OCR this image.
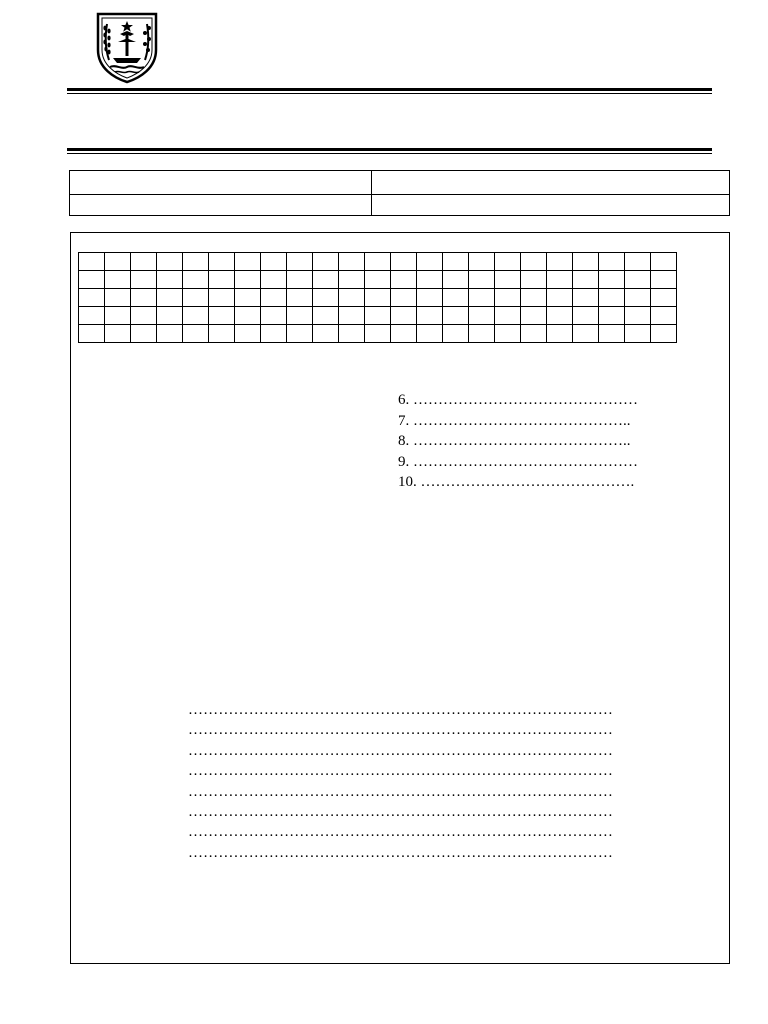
6. ………………………………………
7. ……………………………………..
8. ……………………………………..
9. ………………………………………
10. …………………………………….
…………………………………………………………………………
…………………………………………………………………………
…………………………………………………………………………
…………………………………………………………………………
…………………………………………………………………………
…………………………………………………………………………
…………………………………………………………………………
…………………………………………………………………………
